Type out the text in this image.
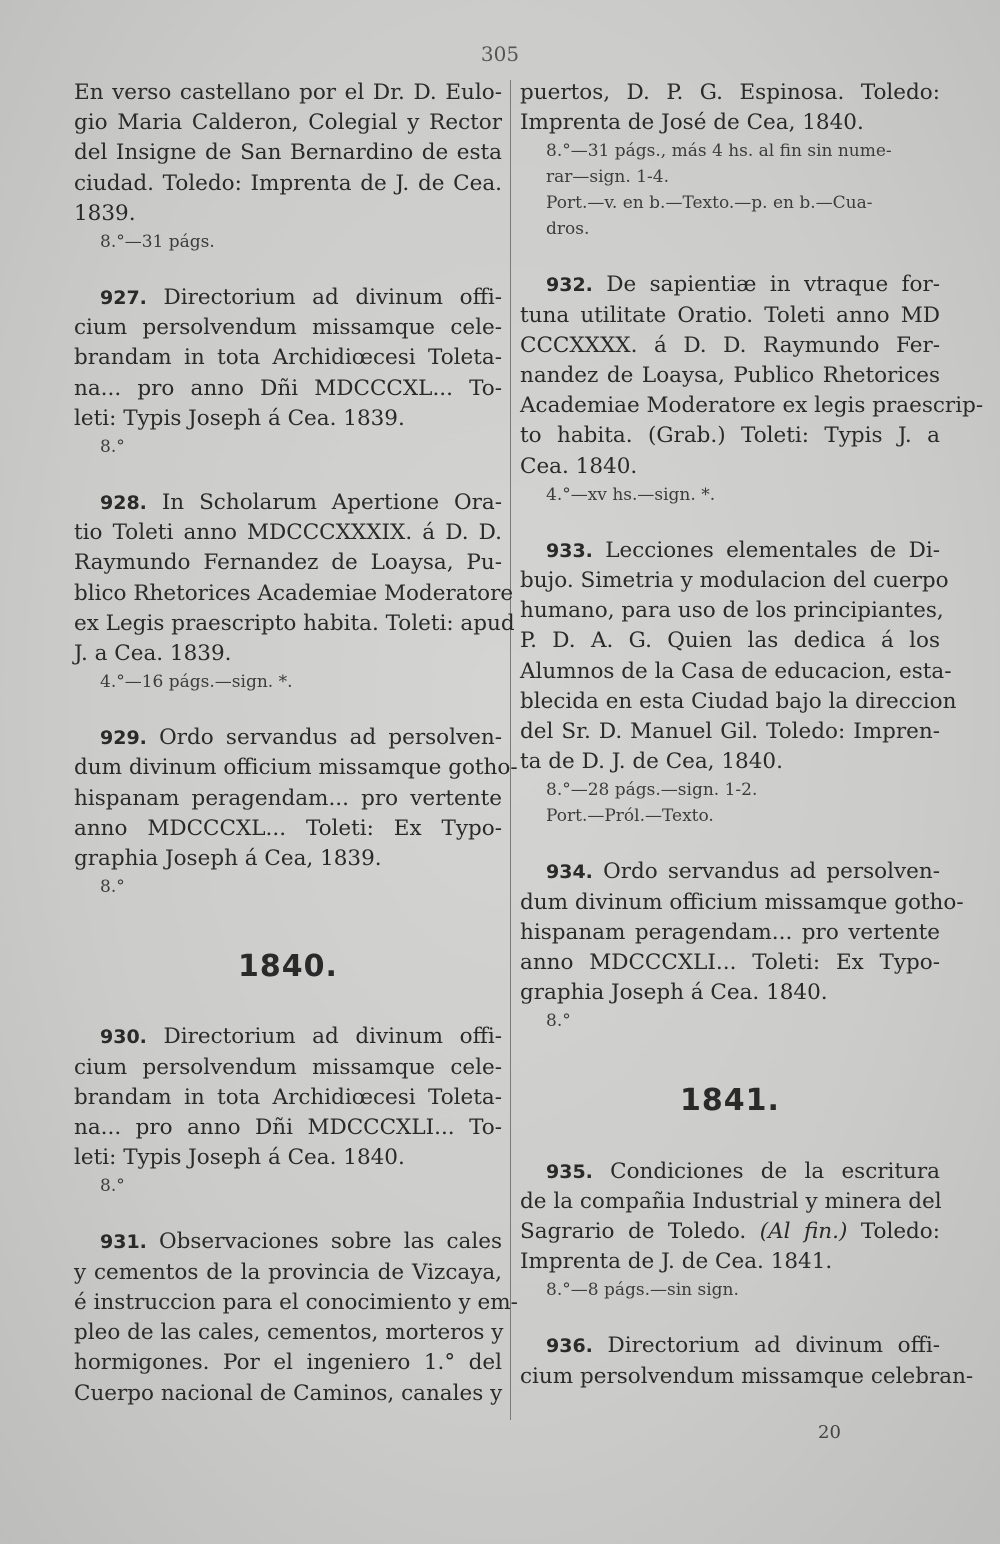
305
En verso castellano por el Dr. D. Eulo-
gio Maria Calderon, Colegial y Rector
del Insigne de San Bernardino de esta
ciudad. Toledo: Imprenta de J. de Cea.
1839.
8.°—31 págs.
927. Directorium ad divinum offi-
cium persolvendum missamque cele-
brandam in tota Archidiœcesi Toleta-
na... pro anno Dñi MDCCCXL... To-
leti: Typis Joseph á Cea. 1839.
8.°
928. In Scholarum Apertione Ora-
tio Toleti anno MDCCCXXXIX. á D. D.
Raymundo Fernandez de Loaysa, Pu-
blico Rhetorices Academiae Moderatore
ex Legis praescripto habita. Toleti: apud
J. a Cea. 1839.
4.°—16 págs.—sign. *.
929. Ordo servandus ad persolven-
dum divinum officium missamque gotho-
hispanam peragendam... pro vertente
anno MDCCCXL... Toleti: Ex Typo-
graphia Joseph á Cea, 1839.
8.°
1840.
930. Directorium ad divinum offi-
cium persolvendum missamque cele-
brandam in tota Archidiœcesi Toleta-
na... pro anno Dñi MDCCCXLI... To-
leti: Typis Joseph á Cea. 1840.
8.°
931. Observaciones sobre las cales
y cementos de la provincia de Vizcaya,
é instruccion para el conocimiento y em-
pleo de las cales, cementos, morteros y
hormigones. Por el ingeniero 1.° del
Cuerpo nacional de Caminos, canales y
puertos, D. P. G. Espinosa. Toledo:
Imprenta de José de Cea, 1840.
8.°—31 págs., más 4 hs. al fin sin nume-
rar—sign. 1-4.
Port.—v. en b.—Texto.—p. en b.—Cua-
dros.
932. De sapientiæ in vtraque for-
tuna utilitate Oratio. Toleti anno MD
CCCXXXX. á D. D. Raymundo Fer-
nandez de Loaysa, Publico Rhetorices
Academiae Moderatore ex legis praescrip-
to habita. (Grab.) Toleti: Typis J. a
Cea. 1840.
4.°—xv hs.—sign. *.
933. Lecciones elementales de Di-
bujo. Simetria y modulacion del cuerpo
humano, para uso de los principiantes,
P. D. A. G. Quien las dedica á los
Alumnos de la Casa de educacion, esta-
blecida en esta Ciudad bajo la direccion
del Sr. D. Manuel Gil. Toledo: Impren-
ta de D. J. de Cea, 1840.
8.°—28 págs.—sign. 1-2.
Port.—Pról.—Texto.
934. Ordo servandus ad persolven-
dum divinum officium missamque gotho-
hispanam peragendam... pro vertente
anno MDCCCXLI... Toleti: Ex Typo-
graphia Joseph á Cea. 1840.
8.°
1841.
935. Condiciones de la escritura
de la compañia Industrial y minera del
Sagrario de Toledo. (Al fin.) Toledo:
Imprenta de J. de Cea. 1841.
8.°—8 págs.—sin sign.
936. Directorium ad divinum offi-
cium persolvendum missamque celebran-
20
